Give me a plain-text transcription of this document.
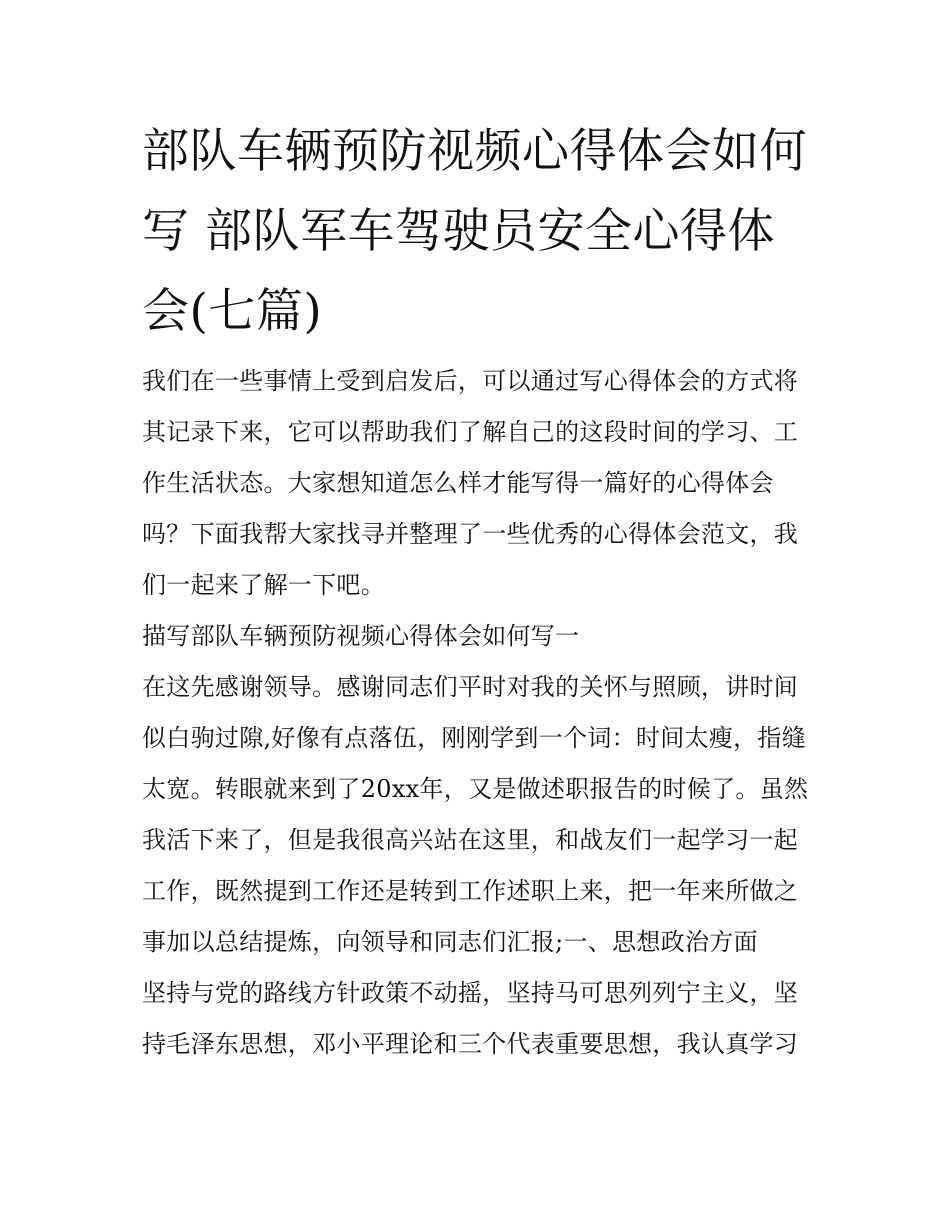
部队车辆预防视频心得体会如何写 部队军车驾驶员安全心得体会(七篇)

我们在一些事情上受到启发后，可以通过写心得体会的方式将其记录下来，它可以帮助我们了解自己的这段时间的学习、工作生活状态。大家想知道怎么样才能写得一篇好的心得体会吗？下面我帮大家找寻并整理了一些优秀的心得体会范文，我们一起来了解一下吧。

描写部队车辆预防视频心得体会如何写一

在这先感谢领导。感谢同志们平时对我的关怀与照顾，讲时间似白驹过隙,好像有点落伍，刚刚学到一个词：时间太瘦，指缝太宽。转眼就来到了20xx年，又是做述职报告的时候了。虽然我活下来了，但是我很高兴站在这里，和战友们一起学习一起工作，既然提到工作还是转到工作述职上来，把一年来所做之事加以总结提炼，向领导和同志们汇报;一、思想政治方面

坚持与党的路线方针政策不动摇，坚持马可思列列宁主义，坚持毛泽东思想，邓小平理论和三个代表重要思想，我认真学习
